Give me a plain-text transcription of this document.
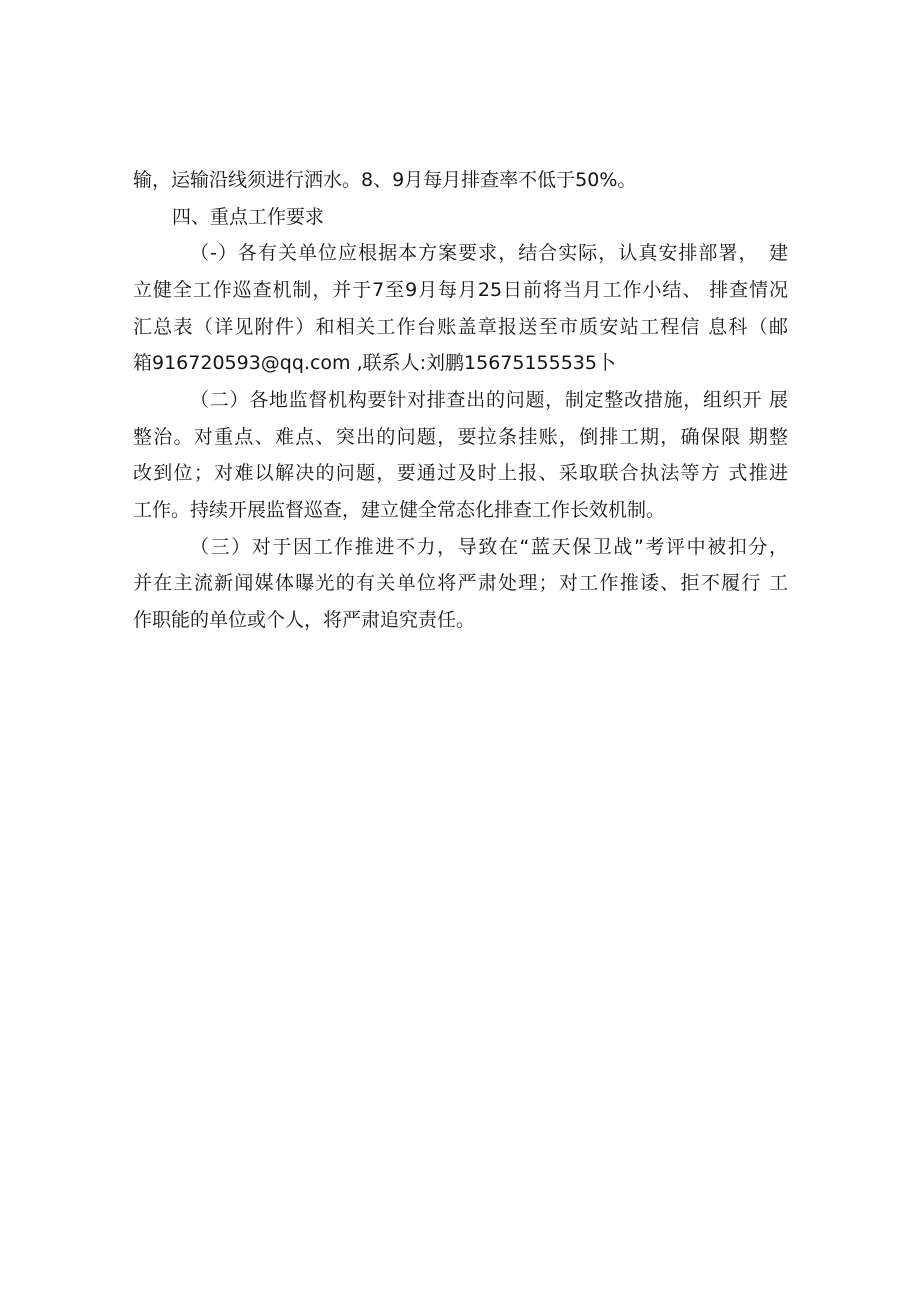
输，运输沿线须进行洒水。8、9月每月排查率不低于50%。

四、重点工作要求

（-）各有关单位应根据本方案要求，结合实际，认真安排部署，　建

立健全工作巡查机制，并于7至9月每月25日前将当月工作小结、 排查情况

汇总表（详见附件）和相关工作台账盖章报送至市质安站工程信 息科（邮

箱916720593@qq.com ,联系人:刘鹏15675155535卜

（二）各地监督机构要针对排查出的问题，制定整改措施，组织开 展

整治。对重点、难点、突出的问题，要拉条挂账，倒排工期，确保限 期整

改到位；对难以解决的问题，要通过及时上报、采取联合执法等方 式推进

工作。持续开展监督巡查，建立健全常态化排查工作长效机制。

（三）对于因工作推进不力，导致在“蓝天保卫战”考评中被扣分，

并在主流新闻媒体曝光的有关单位将严肃处理；对工作推诿、拒不履行 工

作职能的单位或个人，将严肃追究责任。
